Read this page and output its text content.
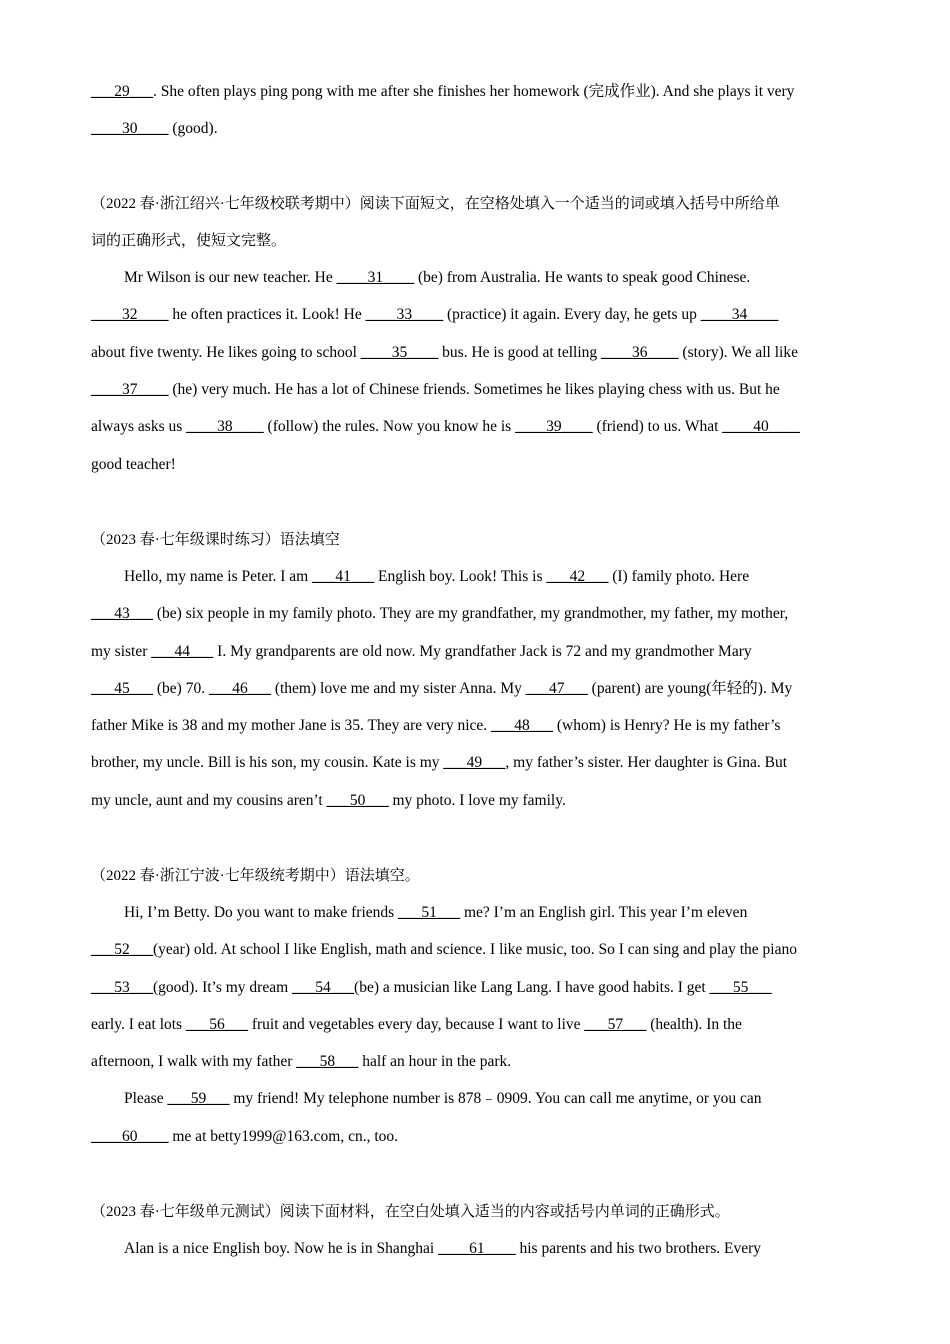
___29___. She often plays ping pong with me after she finishes her homework (完成作业). And she plays it very
____30____ (good).
（2022 春·浙江绍兴·七年级校联考期中）阅读下面短文，在空格处填入一个适当的词或填入括号中所给单
词的正确形式，使短文完整。
Mr Wilson is our new teacher. He ____31____ (be) from Australia. He wants to speak good Chinese.
____32____ he often practices it. Look! He ____33____ (practice) it again. Every day, he gets up ____34____
about five twenty. He likes going to school ____35____ bus. He is good at telling ____36____ (story). We all like
____37____ (he) very much. He has a lot of Chinese friends. Sometimes he likes playing chess with us. But he
always asks us ____38____ (follow) the rules. Now you know he is ____39____ (friend) to us. What ____40____
good teacher!
（2023 春·七年级课时练习）语法填空
Hello, my name is Peter. I am ___41___ English boy. Look! This is ___42___ (I) family photo. Here
___43___ (be) six people in my family photo. They are my grandfather, my grandmother, my father, my mother,
my sister ___44___ I. My grandparents are old now. My grandfather Jack is 72 and my grandmother Mary
___45___ (be) 70. ___46___ (them) love me and my sister Anna. My ___47___ (parent) are young(年轻的). My
father Mike is 38 and my mother Jane is 35. They are very nice. ___48___ (whom) is Henry? He is my father’s
brother, my uncle. Bill is his son, my cousin. Kate is my ___49___, my father’s sister. Her daughter is Gina. But
my uncle, aunt and my cousins aren’t ___50___ my photo. I love my family.
（2022 春·浙江宁波·七年级统考期中）语法填空。
Hi, I’m Betty. Do you want to make friends ___51___ me? I’m an English girl. This year I’m eleven
___52___(year) old. At school I like English, math and science. I like music, too. So I can sing and play the piano
___53___(good). It’s my dream ___54___(be) a musician like Lang Lang. I have good habits. I get ___55___
early. I eat lots ___56___ fruit and vegetables every day, because I want to live ___57___ (health). In the
afternoon, I walk with my father ___58___ half an hour in the park.
Please ___59___ my friend! My telephone number is 878﹣0909. You can call me anytime, or you can
____60____ me at betty1999@163.com, cn., too.
（2023 春·七年级单元测试）阅读下面材料，在空白处填入适当的内容或括号内单词的正确形式。
Alan is a nice English boy. Now he is in Shanghai ____61____ his parents and his two brothers. Every
